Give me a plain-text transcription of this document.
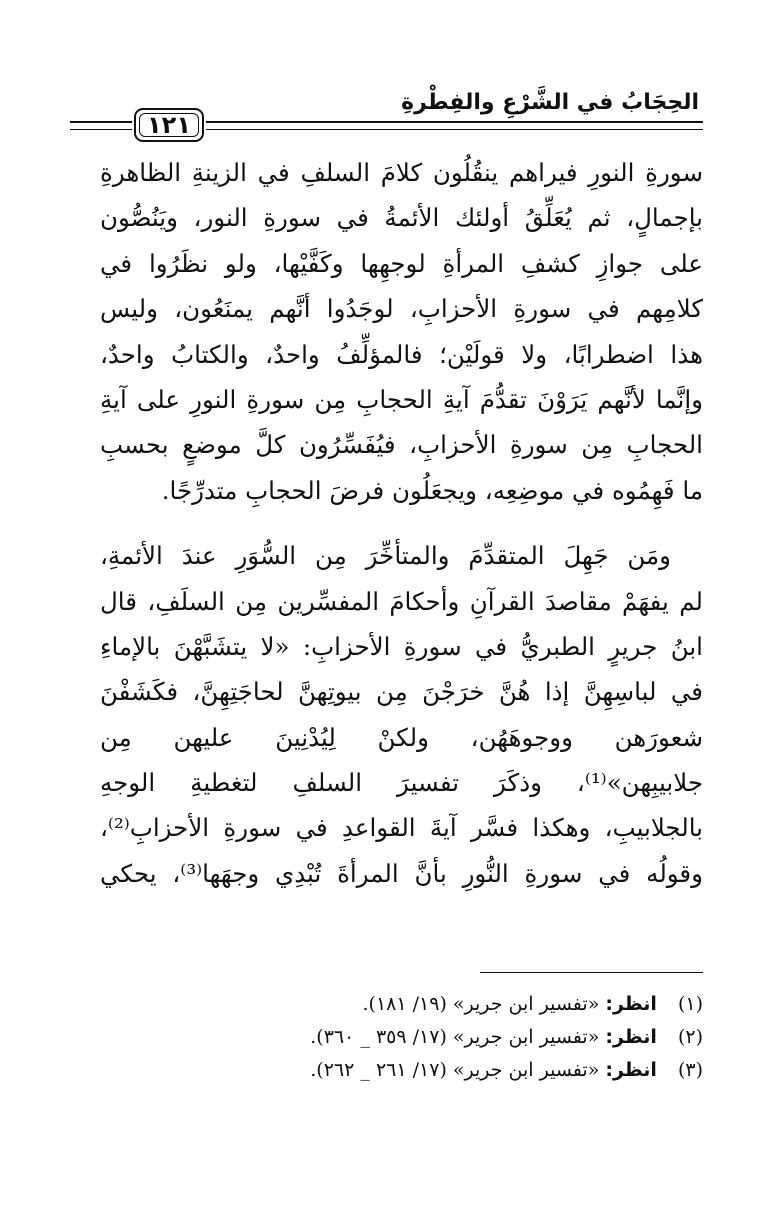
الحِجَابُ في الشَّرْعِ والفِطْرةِ
١٢١
سورةِ النورِ فيراهم ينقُلُون كلامَ السلفِ في الزينةِ الظاهرةِ
بإجمالٍ، ثم يُعَلِّقُ أولئك الأئمةُ في سورةِ النور، ويَنُصُّون
على جوازِ كشفِ المرأةِ لوجهِها وكَفَّيْها، ولو نظَرُوا في
كلامِهم في سورةِ الأحزابِ، لوجَدُوا أنَّهم يمنَعُون، وليس
هذا اضطرابًا، ولا قولَيْن؛ فالمؤلِّفُ واحدٌ، والكتابُ واحدٌ،
وإنَّما لأنَّهم يَرَوْنَ تقدُّمَ آيةِ الحجابِ مِن سورةِ النورِ على آيةِ
الحجابِ مِن سورةِ الأحزابِ، فيُفَسِّرُون كلَّ موضعٍ بحسبِ
ما فَهِمُوه في موضِعِه، ويجعَلُون فرضَ الحجابِ متدرِّجًا.
ومَن جَهِلَ المتقدِّمَ والمتأخِّرَ مِن السُّوَرِ عندَ الأئمةِ،
لم يفهَمْ مقاصدَ القرآنِ وأحكامَ المفسِّرين مِن السلَفِ، قال
ابنُ جريرٍ الطبريُّ في سورةِ الأحزابِ: «لا يتشَبَّهْنَ بالإماءِ
في لباسِهِنَّ إذا هُنَّ خرَجْنَ مِن بيوتِهنَّ لحاجَتِهِنَّ، فكَشَفْنَ
شعورَهن ووجوهَهُن، ولكنْ لِيُدْنِينَ عليهن مِن
جلابيبِهن»⁽¹⁾، وذكَرَ تفسيرَ السلفِ لتغطيةِ الوجهِ
بالجلابيبِ، وهكذا فسَّر آيةَ القواعدِ في سورةِ الأحزابِ⁽²⁾،
وقولُه في سورةِ النُّورِ بأنَّ المرأةَ تُبْدِي وجهَها⁽³⁾، يحكي
(١) انظر: «تفسير ابن جرير» (١٩/ ١٨١).
(٢) انظر: «تفسير ابن جرير» (١٧/ ٣٥٩ _ ٣٦٠).
(٣) انظر: «تفسير ابن جرير» (١٧/ ٢٦١ _ ٢٦٢).
